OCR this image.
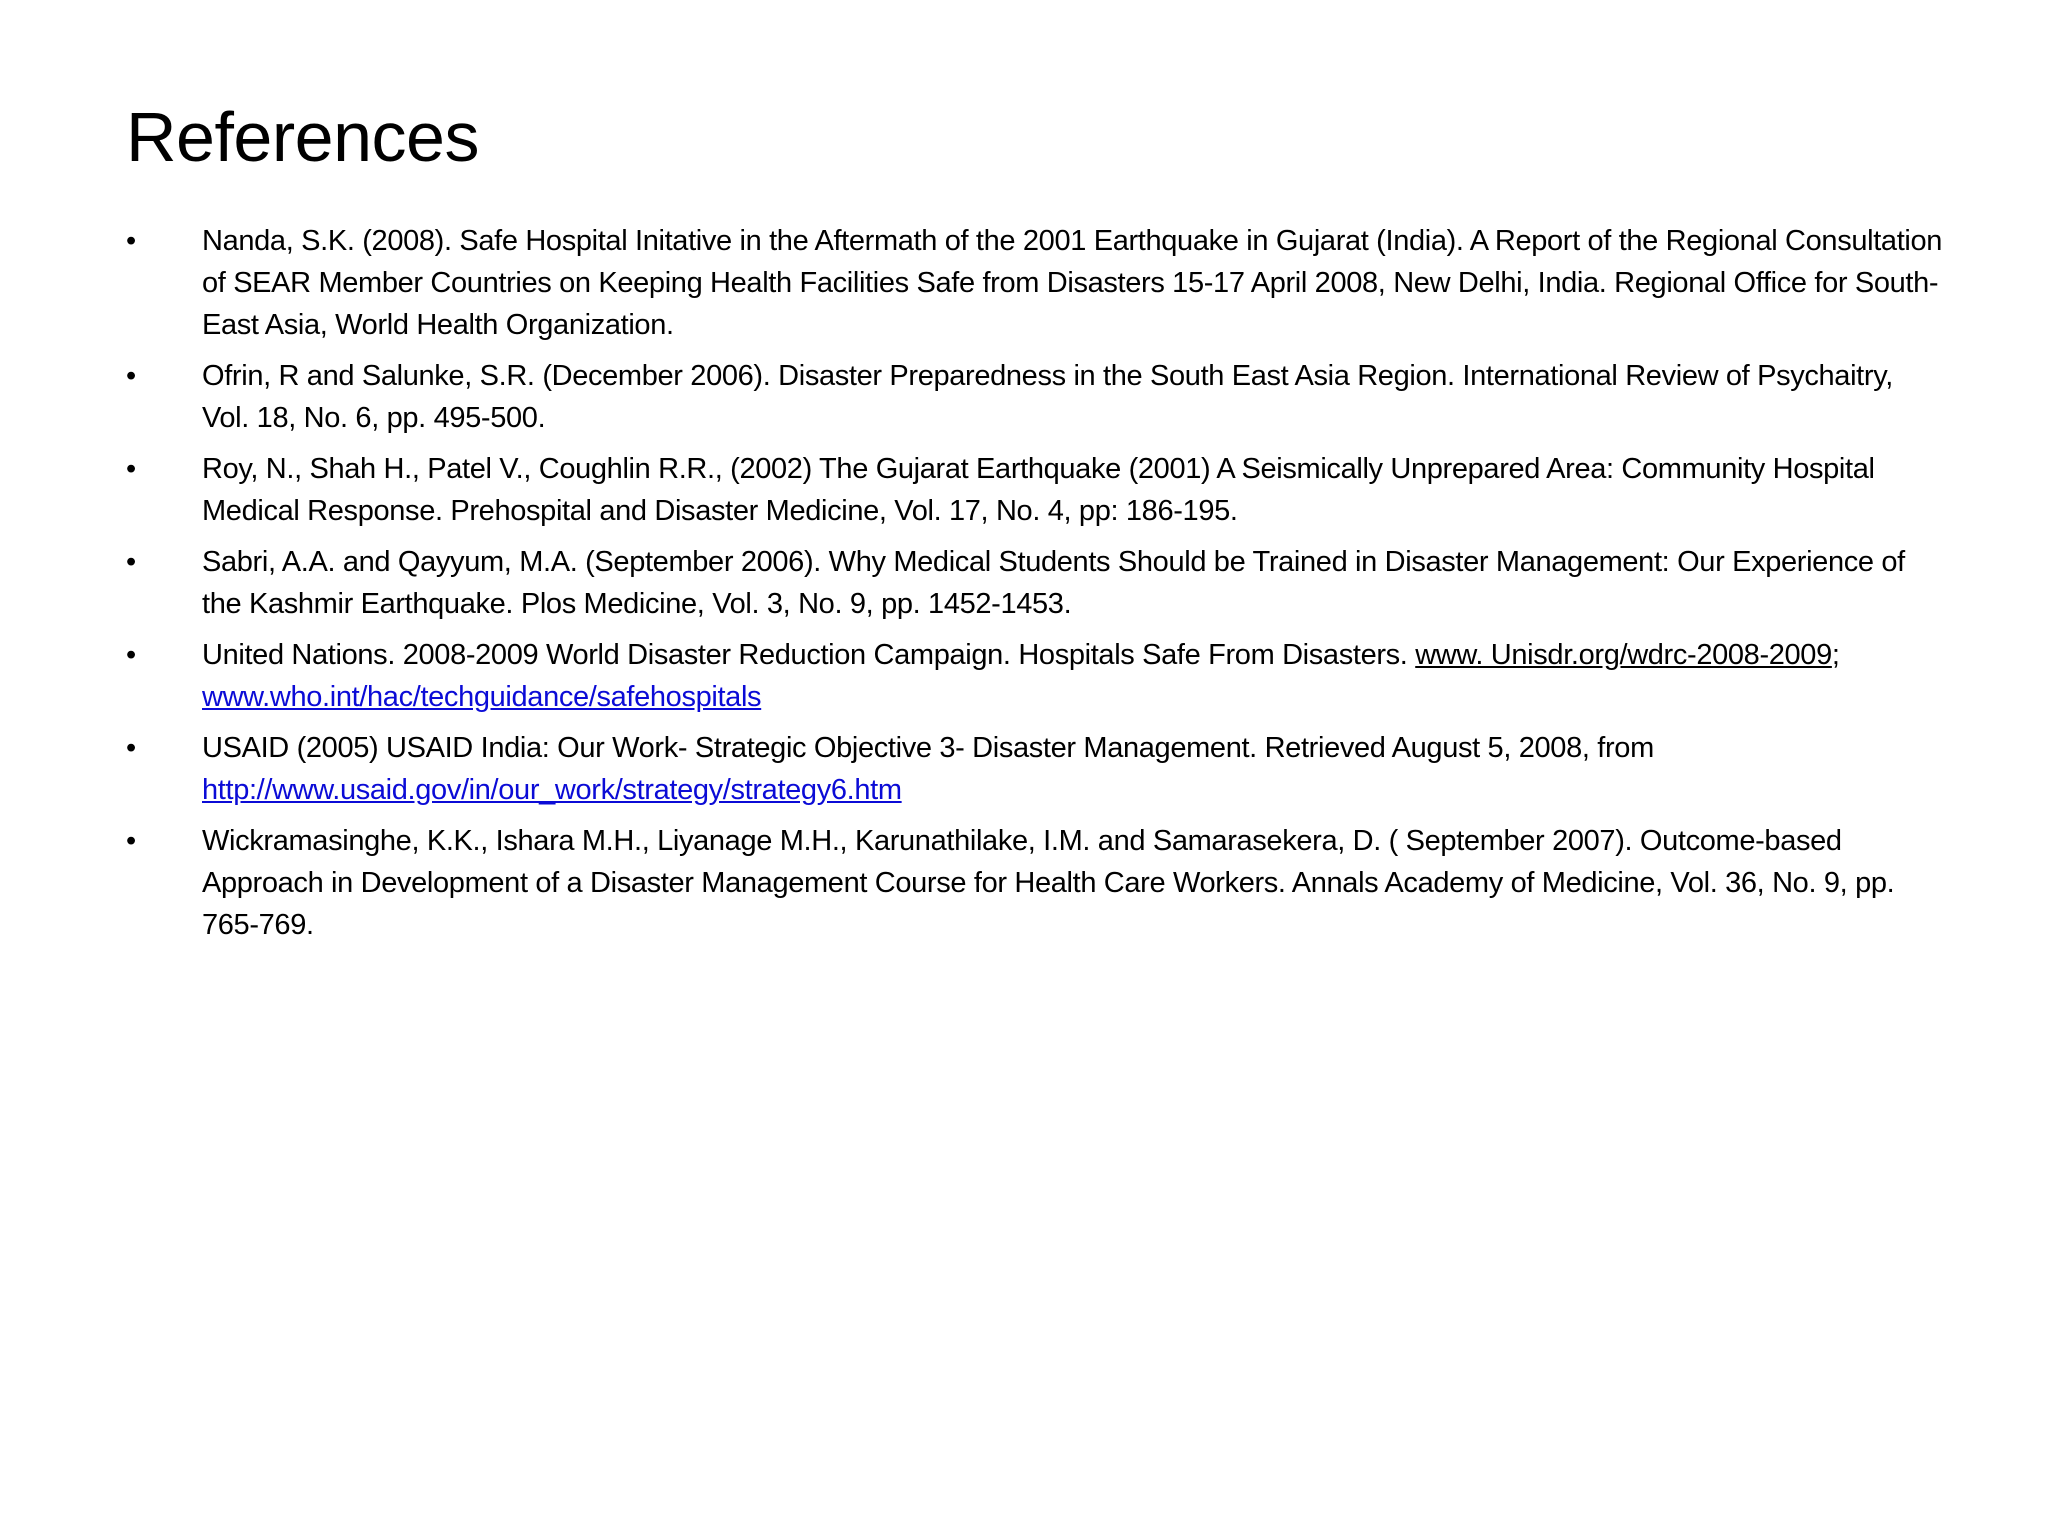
References
• Nanda, S.K. (2008). Safe Hospital Initative in the Aftermath of the 2001 Earthquake in Gujarat (India). A Report of the Regional Consultation of SEAR Member Countries on Keeping Health Facilities Safe from Disasters 15-17 April 2008, New Delhi, India. Regional Office for South-East Asia, World Health Organization.
• Ofrin, R and Salunke, S.R. (December 2006). Disaster Preparedness in the South East Asia Region. International Review of Psychaitry, Vol. 18, No. 6, pp. 495-500.
• Roy, N., Shah H., Patel V., Coughlin R.R., (2002) The Gujarat Earthquake (2001) A Seismically Unprepared Area: Community Hospital Medical Response. Prehospital and Disaster Medicine, Vol. 17, No. 4, pp: 186-195.
• Sabri, A.A. and Qayyum, M.A. (September 2006). Why Medical Students Should be Trained in Disaster Management: Our Experience of the Kashmir Earthquake. Plos Medicine, Vol. 3, No. 9, pp. 1452-1453.
• United Nations. 2008-2009 World Disaster Reduction Campaign. Hospitals Safe From Disasters. www. Unisdr.org/wdrc-2008-2009; www.who.int/hac/techguidance/safehospitals
• USAID (2005) USAID India: Our Work- Strategic Objective 3- Disaster Management. Retrieved August 5, 2008, from
http://www.usaid.gov/in/our_work/strategy/strategy6.htm
• Wickramasinghe, K.K., Ishara M.H., Liyanage M.H., Karunathilake, I.M. and Samarasekera, D. ( September 2007). Outcome-based Approach in Development of a Disaster Management Course for Health Care Workers. Annals Academy of Medicine, Vol. 36, No. 9, pp. 765-769.
